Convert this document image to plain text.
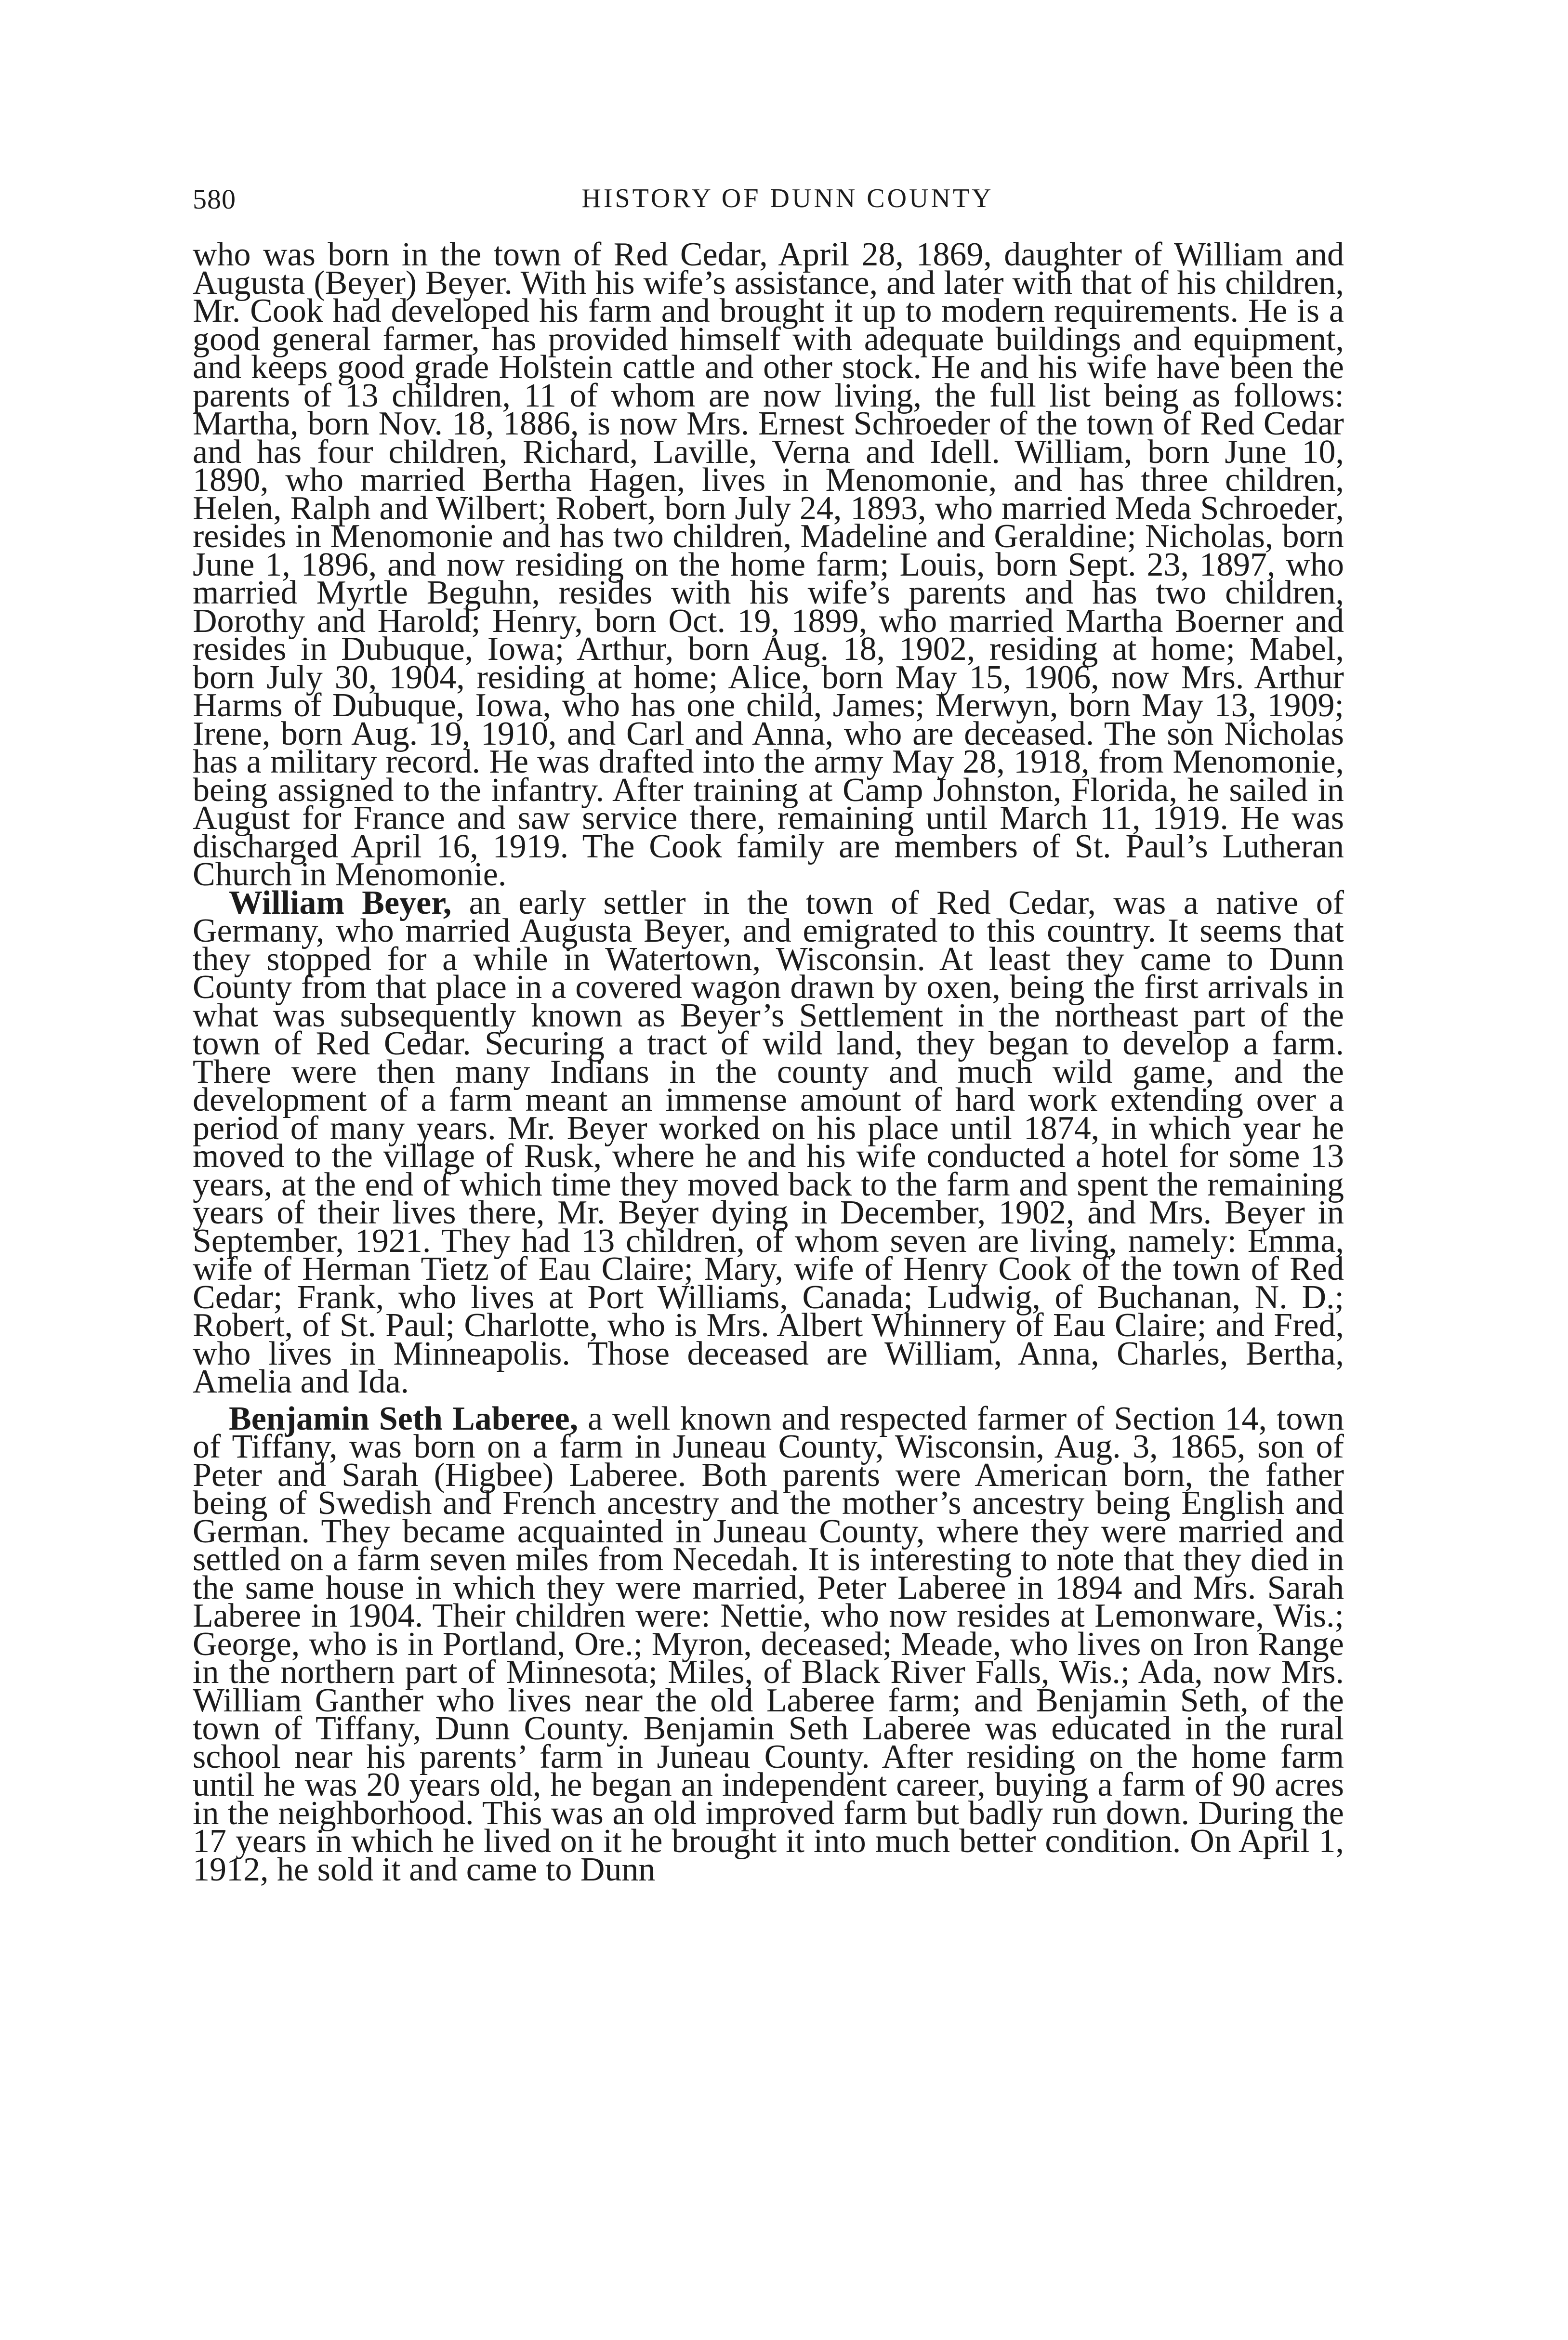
580	HISTORY OF DUNN COUNTY

who was born in the town of Red Cedar, April 28, 1869, daughter of William and Augusta (Beyer) Beyer. With his wife’s assistance, and later with that of his children, Mr. Cook had developed his farm and brought it up to modern requirements. He is a good general farmer, has provided himself with adequate buildings and equipment, and keeps good grade Holstein cattle and other stock. He and his wife have been the parents of 13 children, 11 of whom are now living, the full list being as follows: Martha, born Nov. 18, 1886, is now Mrs. Ernest Schroeder of the town of Red Cedar and has four children, Richard, Laville, Verna and Idell. William, born June 10, 1890, who married Bertha Hagen, lives in Menomonie, and has three children, Helen, Ralph and Wilbert; Robert, born July 24, 1893, who married Meda Schroeder, resides in Menomonie and has two children, Madeline and Geraldine; Nicholas, born June 1, 1896, and now residing on the home farm; Louis, born Sept. 23, 1897, who married Myrtle Beguhn, resides with his wife’s parents and has two children, Dorothy and Harold; Henry, born Oct. 19, 1899, who married Martha Boerner and resides in Dubuque, Iowa; Arthur, born Aug. 18, 1902, residing at home; Mabel, born July 30, 1904, residing at home; Alice, born May 15, 1906, now Mrs. Arthur Harms of Dubuque, Iowa, who has one child, James; Merwyn, born May 13, 1909; Irene, born Aug. 19, 1910, and Carl and Anna, who are deceased. The son Nicholas has a military record. He was drafted into the army May 28, 1918, from Menomonie, being assigned to the infantry. After training at Camp Johnston, Florida, he sailed in August for France and saw service there, remaining until March 11, 1919. He was discharged April 16, 1919. The Cook family are members of St. Paul’s Lutheran Church in Menomonie.

William Beyer, an early settler in the town of Red Cedar, was a native of Germany, who married Augusta Beyer, and emigrated to this country. It seems that they stopped for a while in Watertown, Wisconsin. At least they came to Dunn County from that place in a covered wagon drawn by oxen, being the first arrivals in what was subsequently known as Beyer’s Settlement in the northeast part of the town of Red Cedar. Securing a tract of wild land, they began to develop a farm. There were then many Indians in the county and much wild game, and the development of a farm meant an immense amount of hard work extending over a period of many years. Mr. Beyer worked on his place until 1874, in which year he moved to the village of Rusk, where he and his wife conducted a hotel for some 13 years, at the end of which time they moved back to the farm and spent the remaining years of their lives there, Mr. Beyer dying in December, 1902, and Mrs. Beyer in September, 1921. They had 13 children, of whom seven are living, namely: Emma, wife of Herman Tietz of Eau Claire; Mary, wife of Henry Cook of the town of Red Cedar; Frank, who lives at Port Williams, Canada; Ludwig, of Buchanan, N. D.; Robert, of St. Paul; Charlotte, who is Mrs. Albert Whinnery of Eau Claire; and Fred, who lives in Minneapolis. Those deceased are William, Anna, Charles, Bertha, Amelia and Ida.

Benjamin Seth Laberee, a well known and respected farmer of Section 14, town of Tiffany, was born on a farm in Juneau County, Wisconsin, Aug. 3, 1865, son of Peter and Sarah (Higbee) Laberee. Both parents were American born, the father being of Swedish and French ancestry and the mother’s ancestry being English and German. They became acquainted in Juneau County, where they were married and settled on a farm seven miles from Necedah. It is interesting to note that they died in the same house in which they were married, Peter Laberee in 1894 and Mrs. Sarah Laberee in 1904. Their children were: Nettie, who now resides at Lemonware, Wis.; George, who is in Portland, Ore.; Myron, deceased; Meade, who lives on Iron Range in the northern part of Minnesota; Miles, of Black River Falls, Wis.; Ada, now Mrs. William Ganther who lives near the old Laberee farm; and Benjamin Seth, of the town of Tiffany, Dunn County. Benjamin Seth Laberee was educated in the rural school near his parents’ farm in Juneau County. After residing on the home farm until he was 20 years old, he began an independent career, buying a farm of 90 acres in the neighborhood. This was an old improved farm but badly run down. During the 17 years in which he lived on it he brought it into much better condition. On April 1, 1912, he sold it and came to Dunn
